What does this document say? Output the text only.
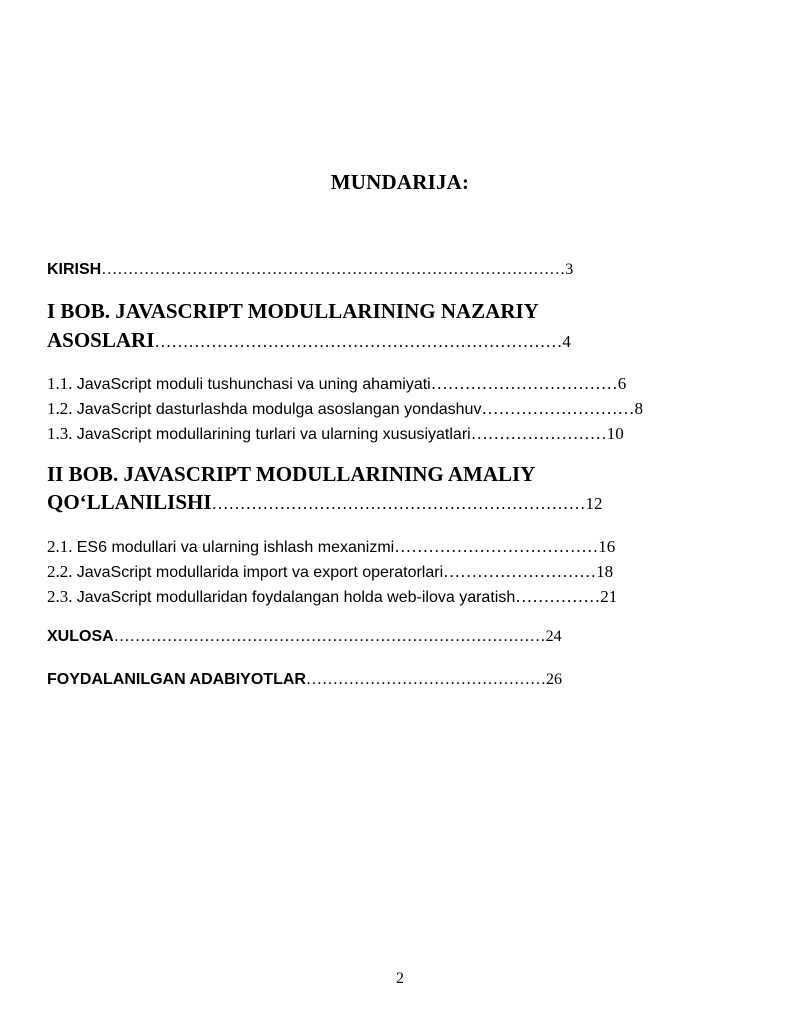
MUNDARIJA:
KIRISH……………………………………………………………………………3
I BOB. JAVASCRIPT MODULLARINING NAZARIY
ASOSLARI………………………………………………………………4
1.1. JavaScript moduli tushunchasi va uning ahamiyati……………………………6
1.2. JavaScript dasturlashda modulga asoslangan yondashuv………………………8
1.3. JavaScript modullarining turlari va ularning xususiyatlari……………………10
II BOB. JAVASCRIPT MODULLARINING AMALIY
QO‘LLANILISHI…………………………………………………………12
2.1. ES6 modullari va ularning ishlash mexanizmi………………………………16
2.2. JavaScript modullarida import va export operatorlari………………………18
2.3. JavaScript modullaridan foydalangan holda web-ilova yaratish……………21
XULOSA………………………………………………………………………24
FOYDALANILGAN ADABIYOTLAR………………………………………26
2
